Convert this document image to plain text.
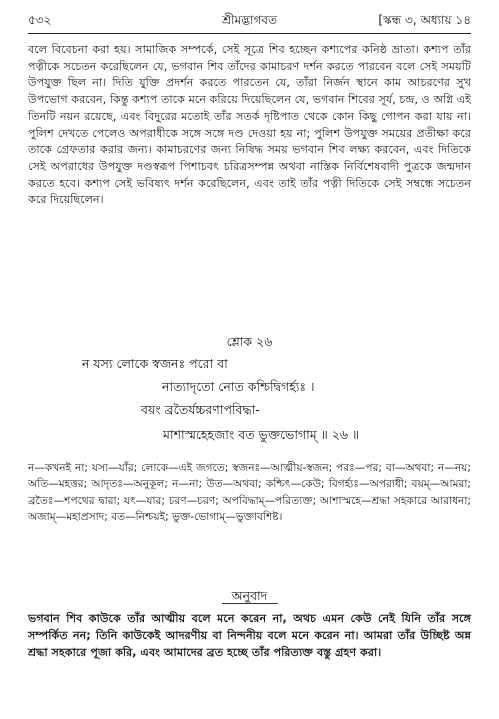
৫৩২	শ্রীমদ্ভাগবত	[স্কন্ধ ৩, অধ্যায় ১৪
বলে বিবেচনা করা হয়। সামাজিক সম্পর্কে, সেই সূত্রে শিব হচ্ছেন কশ্যপের কনিষ্ঠ ভ্রাতা। কশ্যপ তাঁর পত্নীকে সচেতন করেছিলেন যে, ভগবান শিব তাঁদের কামাচরণ দর্শন করতে পারবেন বলে সেই সময়টি উপযুক্ত ছিল না। দিতি যুক্তি প্রদর্শন করতে পারতেন যে, তাঁরা নির্জন স্থানে কাম আচরণের সুখ উপভোগ করবেন, কিন্তু কশ্যপ তাকে মনে করিয়ে দিয়েছিলেন যে, ভগবান শিবের সূর্য, চন্দ্র, ও অগ্নি এই তিনটি নয়ন রয়েছে, এবং বিদুরের মতোই তাঁর সতর্ক দৃষ্টিপাত থেকে কোন কিছু গোপন করা যায় না। পুলিশ দেখতে পেলেও অপরাধীকে সঙ্গে সঙ্গে দণ্ড দেওয়া হয় না; পুলিশ উপযুক্ত সময়ের প্রতীক্ষা করে তাকে গ্রেফতার করার জন্য। কামাচরণের জন্য নিষিদ্ধ সময় ভগবান শিব লক্ষ্য করবেন, এবং দিতিকে সেই অপরাধের উপযুক্ত দণ্ডস্বরূপ পিশাচবৎ চরিত্রসম্পন্ন অথবা নাস্তিক নির্বিশেষবাদী পুত্রকে জন্মদান করতে হবে। কশ্যপ সেই ভবিষ্যৎ দর্শন করেছিলেন, এবং তাই তাঁর পত্নী দিতিকে সেই সম্বন্ধে সচেতন করে দিয়েছিলেন।
শ্লোক ২৬
ন যস্য লোকে স্বজনঃ পরো বা
নাত্যাদৃতো নোত কশ্চিদ্বিগর্হ্যঃ ।
বয়ং ব্রতৈর্যচ্চরণাপবিদ্ধা-
মাশাস্মহেহজাং বত ভুক্তভোগাম্ ॥ ২৬ ॥
ন—কখনই না; যস্য—যাঁর; লোকে—এই জগতে; স্বজনঃ—আত্মীয়-স্বজন; পরঃ—পর; বা—অথবা; ন—নয়; অতি—মহত্তর; আদৃতঃ—অনুকূল; ন—না; উত—অথবা; কশ্চিৎ—কেউ; বিগর্হ্যঃ—অপরাধী; বয়ম্—আমরা; ব্রতৈঃ—শপথের দ্বারা; যৎ—যার; চরণ—চরণ; অপবিদ্ধাম্—পরিত্যক্ত; আশাস্মহে—শ্রদ্ধা সহকারে আরাধনা; অজাম্—মহাপ্রসাদ; বত—নিশ্চয়ই; ভুক্ত-ভোগাম্—ভুক্তাবশিষ্ট।
অনুবাদ
ভগবান শিব কাউকে তাঁর আত্মীয় বলে মনে করেন না, অথচ এমন কেউ নেই যিনি তাঁর সঙ্গে সম্পর্কিত নন; তিনি কাউকেই আদরণীয় বা নিন্দনীয় বলে মনে করেন না। আমরা তাঁর উচ্ছিষ্ট অন্ন শ্রদ্ধা সহকারে পূজা করি, এবং আমাদের ব্রত হচ্ছে তাঁর পরিত্যক্ত বস্তু গ্রহণ করা।
